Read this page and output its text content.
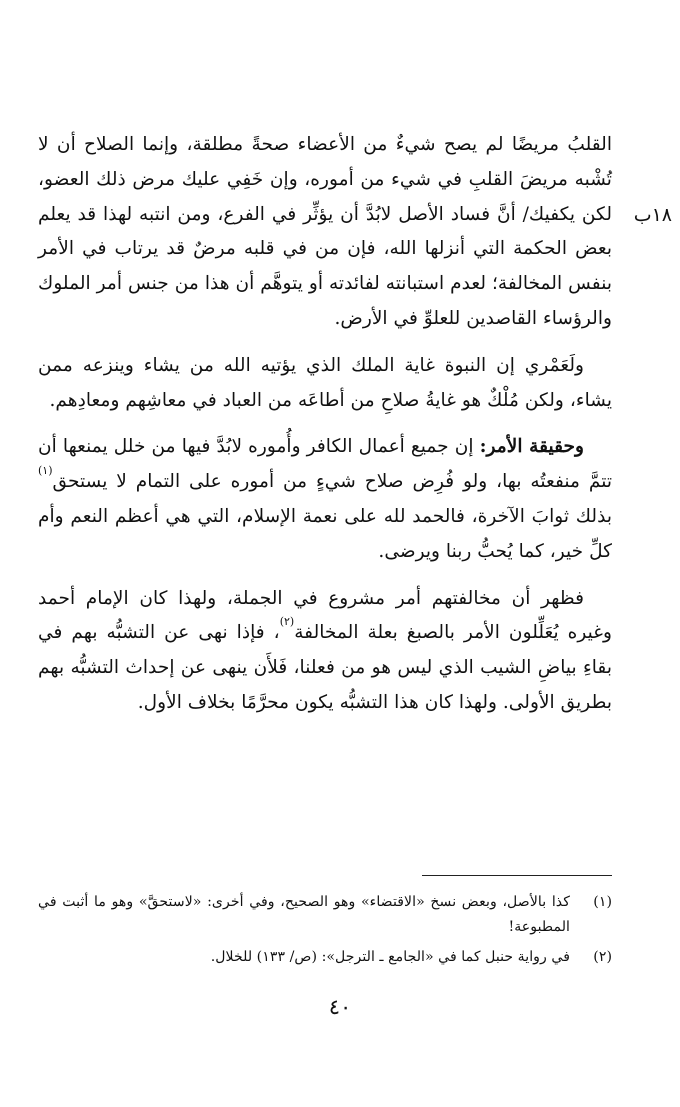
١٨ب

القلبُ مريضًا لم يصح شيءٌ من الأعضاء صحةً مطلقة، وإنما الصلاح أن لا تُشْبه مريضَ القلبِ في شيء من أموره، وإن خَفِي عليك مرض ذلك العضو، لكن يكفيك/ أنَّ فساد الأصل لابُدَّ أن يؤثِّر في الفرع، ومن انتبه لهذا قد يعلم بعض الحكمة التي أنزلها الله، فإن من في قلبه مرضٌ قد يرتاب في الأمر بنفس المخالفة؛ لعدم استبانته لفائدته أو يتوهَّم أن هذا من جنس أمر الملوك والرؤساء القاصدين للعلوِّ في الأرض.

ولَعَمْري إن النبوة غاية الملك الذي يؤتيه الله من يشاء وينزعه ممن يشاء، ولكن مُلْكٌ هو غايةُ صلاحِ من أطاعَه من العباد في معاشِهم ومعادِهم.

وحقيقة الأمر: إن جميع أعمال الكافر وأُموره لابُدَّ فيها من خلل يمنعها أن تتمَّ منفعتُه بها، ولو فُرِض صلاح شيءٍ من أموره على التمام لا يستحق$^{(١)}$ بذلك ثوابَ الآخرة، فالحمد لله على نعمة الإسلام، التي هي أعظم النعم وأم كلِّ خير، كما يُحبُّ ربنا ويرضى.

فظهر أن مخالفتهم أمر مشروع في الجملة، ولهذا كان الإمام أحمد وغيره يُعَلِّلون الأمر بالصبغ بعلة المخالفة$^{(٢)}$، فإذا نهى عن التشبُّه بهم في بقاءِ بياضِ الشيب الذي ليس هو من فعلنا، فَلأَن ينهى عن إحداث التشبُّه بهم بطريق الأولى. ولهذا كان هذا التشبُّه يكون محرَّمًا بخلاف الأول.

(١)
كذا بالأصل، وبعض نسخ «الاقتضاء» وهو الصحيح، وفي أخرى: «لاستحقَّ» وهو ما أثبت في المطبوعة!
(٢)
في رواية حنبل كما في «الجامع ـ الترجل»: (ص/ ١٣٣) للخلال.
٤٠
